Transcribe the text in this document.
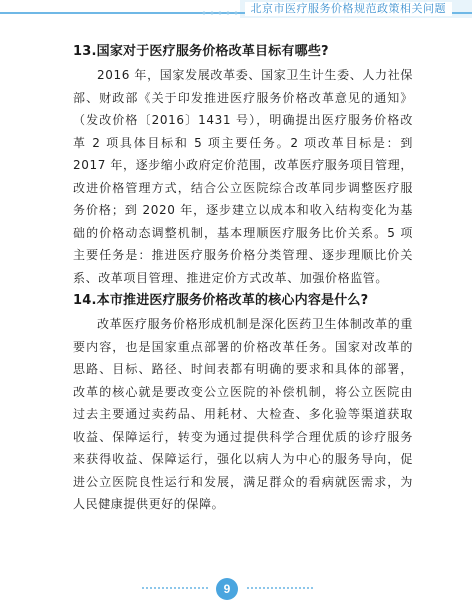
北京市医疗服务价格规范政策相关问题
13.国家对于医疗服务价格改革目标有哪些?
2016 年，国家发展改革委、国家卫生计生委、人力社保部、财政部《关于印发推进医疗服务价格改革意见的通知》（发改价格〔2016〕1431 号），明确提出医疗服务价格改革 2 项具体目标和 5 项主要任务。2 项改革目标是：到 2017 年，逐步缩小政府定价范围，改革医疗服务项目管理，改进价格管理方式，结合公立医院综合改革同步调整医疗服务价格；到 2020 年，逐步建立以成本和收入结构变化为基础的价格动态调整机制，基本理顺医疗服务比价关系。5 项主要任务是：推进医疗服务价格分类管理、逐步理顺比价关系、改革项目管理、推进定价方式改革、加强价格监管。
14.本市推进医疗服务价格改革的核心内容是什么?
改革医疗服务价格形成机制是深化医药卫生体制改革的重要内容，也是国家重点部署的价格改革任务。国家对改革的思路、目标、路径、时间表都有明确的要求和具体的部署，改革的核心就是要改变公立医院的补偿机制，将公立医院由过去主要通过卖药品、用耗材、大检查、多化验等渠道获取收益、保障运行，转变为通过提供科学合理优质的诊疗服务来获得收益、保障运行，强化以病人为中心的服务导向，促进公立医院良性运行和发展，满足群众的看病就医需求，为人民健康提供更好的保障。
9
